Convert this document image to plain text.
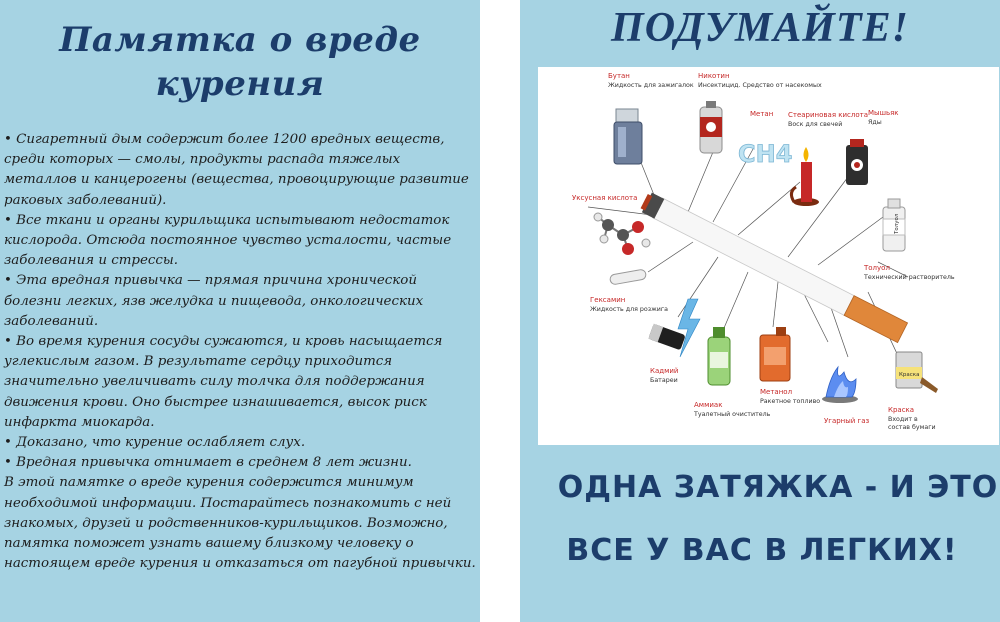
Памятка о вреде
курения

• Сигаретный дым содержит более 1200 вредных веществ, среди которых — смолы, продукты распада тяжелых металлов и канцерогены (вещества, провоцирующие развитие раковых заболеваний).

• Все ткани и органы курильщика испытывают недостаток кислорода. Отсюда постоянное чувство усталости, частые заболевания и стрессы.

• Эта вредная привычка — прямая причина хронической болезни легких, язв желудка и пищевода, онкологических заболеваний.

• Во время курения сосуды сужаются, и кровь насыщается углекислым газом. В результате сердцу приходится значительно увеличивать силу толчка для поддержания движения крови. Оно быстрее изнашивается, высок риск инфаркта миокарда.

• Доказано, что курение ослабляет слух.

• Вредная привычка отнимает в среднем 8 лет жизни.

В этой памятке о вреде курения содержится минимум необходимой информации. Постарайтесь познакомить с ней знакомых, друзей и родственников-курильщиков. Возможно, памятка поможет узнать вашему близкому человеку о настоящем вреде курения и отказаться от пагубной привычки.

ПОДУМАЙТЕ!
Бутан
Жидкость для зажигалок
Никотин
Инсектицид. Средство от насекомых
Метан
CH4
Стеариновая кислота
Воск для свечей
Мышьяк
Яды
Толуол
Толуол
Технический растворитель
Уксусная кислота
Гексамин
Жидкость для розжига
Кадмий
Батареи
Аммиак
Туалетный очиститель
Метанол
Ракетное топливо
Угарный газ
Краска
Краска
Входит в
состав бумаги
ОДНА ЗАТЯЖКА - И ЭТО
ВСЕ У ВАС В ЛЕГКИХ!
